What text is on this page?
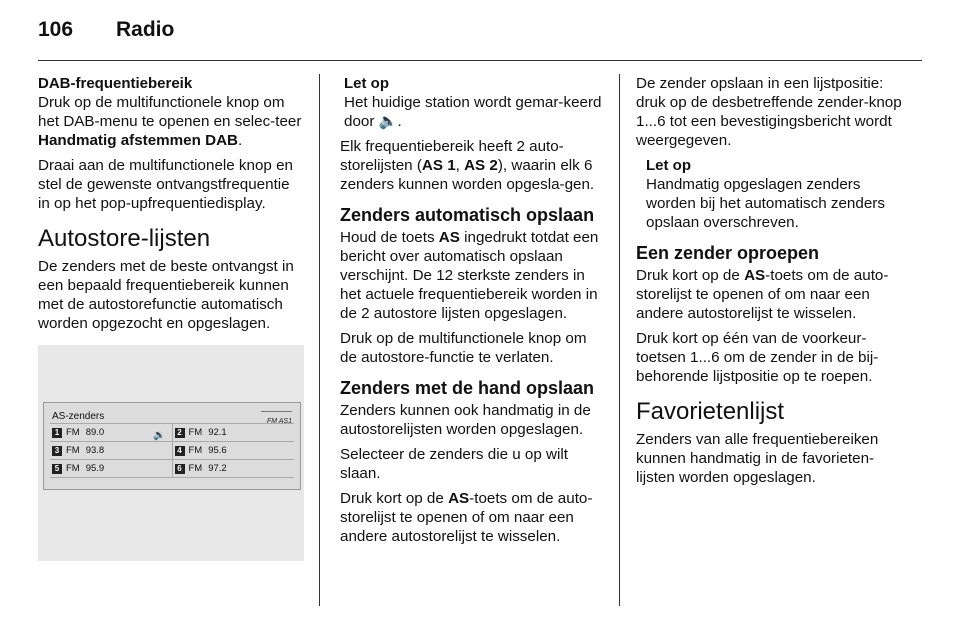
106 Radio
DAB-frequentiebereik

Druk op de multifunctionele knop om het DAB-menu te openen en selec-teer Handmatig afstemmen DAB.

Draai aan de multifunctionele knop en stel de gewenste ontvangstfrequentie in op het pop-upfrequentiedisplay.

Autostore-lijsten

De zenders met de beste ontvangst in een bepaald frequentiebereik kunnen met de autostorefunctie automatisch worden opgezocht en opgeslagen.

AS-zenders	FM AS1
1 FM 89.0	🔉	2 FM 92.1
3 FM 93.8	4 FM 95.6
5 FM 95.9	6 FM 97.2
Let op
Het huidige station wordt gemar-keerd door 🔈.

Elk frequentiebereik heeft 2 auto-storelijsten (AS 1, AS 2), waarin elk 6 zenders kunnen worden opgesla-gen.

Zenders automatisch opslaan

Houd de toets AS ingedrukt totdat een bericht over automatisch opslaan verschijnt. De 12 sterkste zenders in het actuele frequentiebereik worden in de 2 autostore lijsten opgeslagen.

Druk op de multifunctionele knop om de autostore-functie te verlaten.

Zenders met de hand opslaan

Zenders kunnen ook handmatig in de autostorelijsten worden opgeslagen.

Selecteer de zenders die u op wilt slaan.

Druk kort op de AS-toets om de auto-storelijst te openen of om naar een andere autostorelijst te wisselen.

De zender opslaan in een lijstpositie: druk op de desbetreffende zender-knop 1...6 tot een bevestigingsbericht wordt weergegeven.

Let op
Handmatig opgeslagen zenders worden bij het automatisch zenders opslaan overschreven.
Een zender oproepen

Druk kort op de AS-toets om de auto-storelijst te openen of om naar een andere autostorelijst te wisselen.

Druk kort op één van de voorkeur-toetsen 1...6 om de zender in de bij-behorende lijstpositie op te roepen.

Favorietenlijst

Zenders van alle frequentiebereiken kunnen handmatig in de favorieten-lijsten worden opgeslagen.
